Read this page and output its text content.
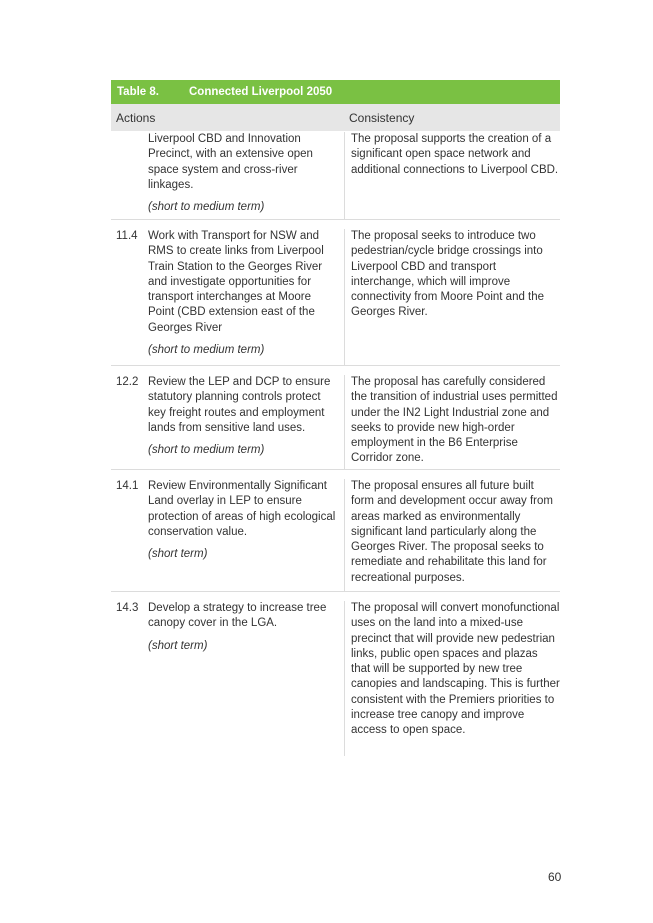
Table 8.	Connected Liverpool 2050
Actions	Consistency
Liverpool CBD and Innovation Precinct, with an extensive open space system and cross-river linkages.
(short to medium term)
The proposal supports the creation of a significant open space network and additional connections to Liverpool CBD.
11.4 Work with Transport for NSW and RMS to create links from Liverpool Train Station to the Georges River and investigate opportunities for transport interchanges at Moore Point (CBD extension east of the Georges River
(short to medium term)
The proposal seeks to introduce two pedestrian/cycle bridge crossings into Liverpool CBD and transport interchange, which will improve connectivity from Moore Point and the Georges River.
12.2 Review the LEP and DCP to ensure statutory planning controls protect key freight routes and employment lands from sensitive land uses.
(short to medium term)
The proposal has carefully considered the transition of industrial uses permitted under the IN2 Light Industrial zone and seeks to provide new high-order employment in the B6 Enterprise Corridor zone.
14.1 Review Environmentally Significant Land overlay in LEP to ensure protection of areas of high ecological conservation value.
(short term)
The proposal ensures all future built form and development occur away from areas marked as environmentally significant land particularly along the Georges River. The proposal seeks to remediate and rehabilitate this land for recreational purposes.
14.3 Develop a strategy to increase tree canopy cover in the LGA.
(short term)
The proposal will convert monofunctional uses on the land into a mixed-use precinct that will provide new pedestrian links, public open spaces and plazas that will be supported by new tree canopies and landscaping. This is further consistent with the Premiers priorities to increase tree canopy and improve access to open space.
60
